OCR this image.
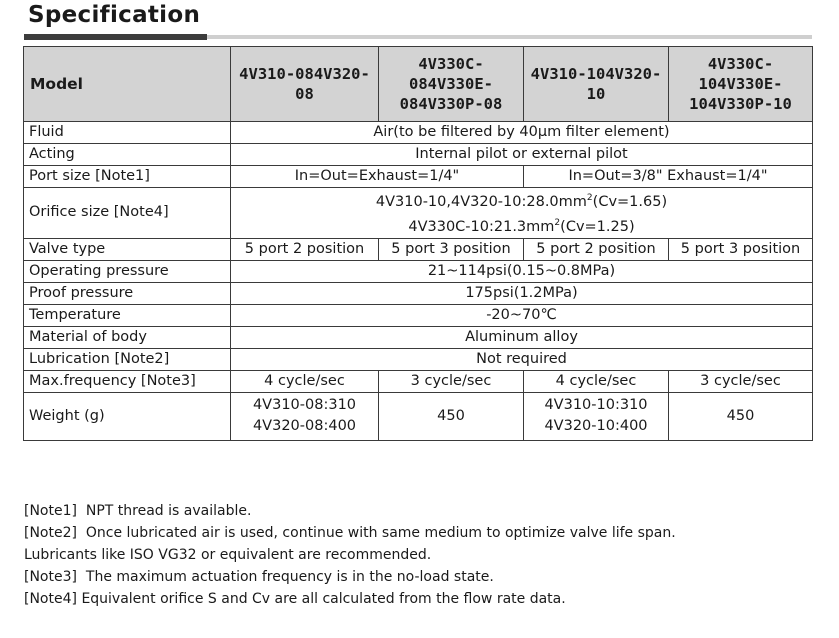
Specification
Model	4V310-084V320-08	4V330C-084V330E-084V330P-08	4V310-104V320-10	4V330C-104V330E-104V330P-10
Fluid	Air(to be filtered by 40μm filter element)			
Acting	Internal pilot or external pilot			
Port size [Note1]	In=Out=Exhaust=1/4"		In=Out=3/8" Exhaust=1/4"	
Orifice size [Note4]	$4V310-10,4V320-10:28.0mm^2(Cv=1.65)$
$4V330C-10:21.3mm^2(Cv=1.25)$			

Valve type	5 port 2 position	5 port 3 position	5 port 2 position	5 port 3 position
Operating pressure	21~114psi(0.15~0.8MPa)			
Proof pressure	175psi(1.2MPa)			
Temperature	-20~70℃			
Material of body	Aluminum alloy			
Lubrication [Note2]	Not required			
Max.frequency [Note3]	4 cycle/sec	3 cycle/sec	4 cycle/sec	3 cycle/sec
Weight (g)	4V310-08:310
4V320-08:400	450	4V310-10:310
4V320-10:400	450
[Note1] NPT thread is available.
[Note2] Once lubricated air is used, continue with same medium to optimize valve life span.
Lubricants like ISO VG32 or equivalent are recommended.
[Note3] The maximum actuation frequency is in the no-load state.
[Note4] Equivalent orifice S and Cv are all calculated from the flow rate data.
